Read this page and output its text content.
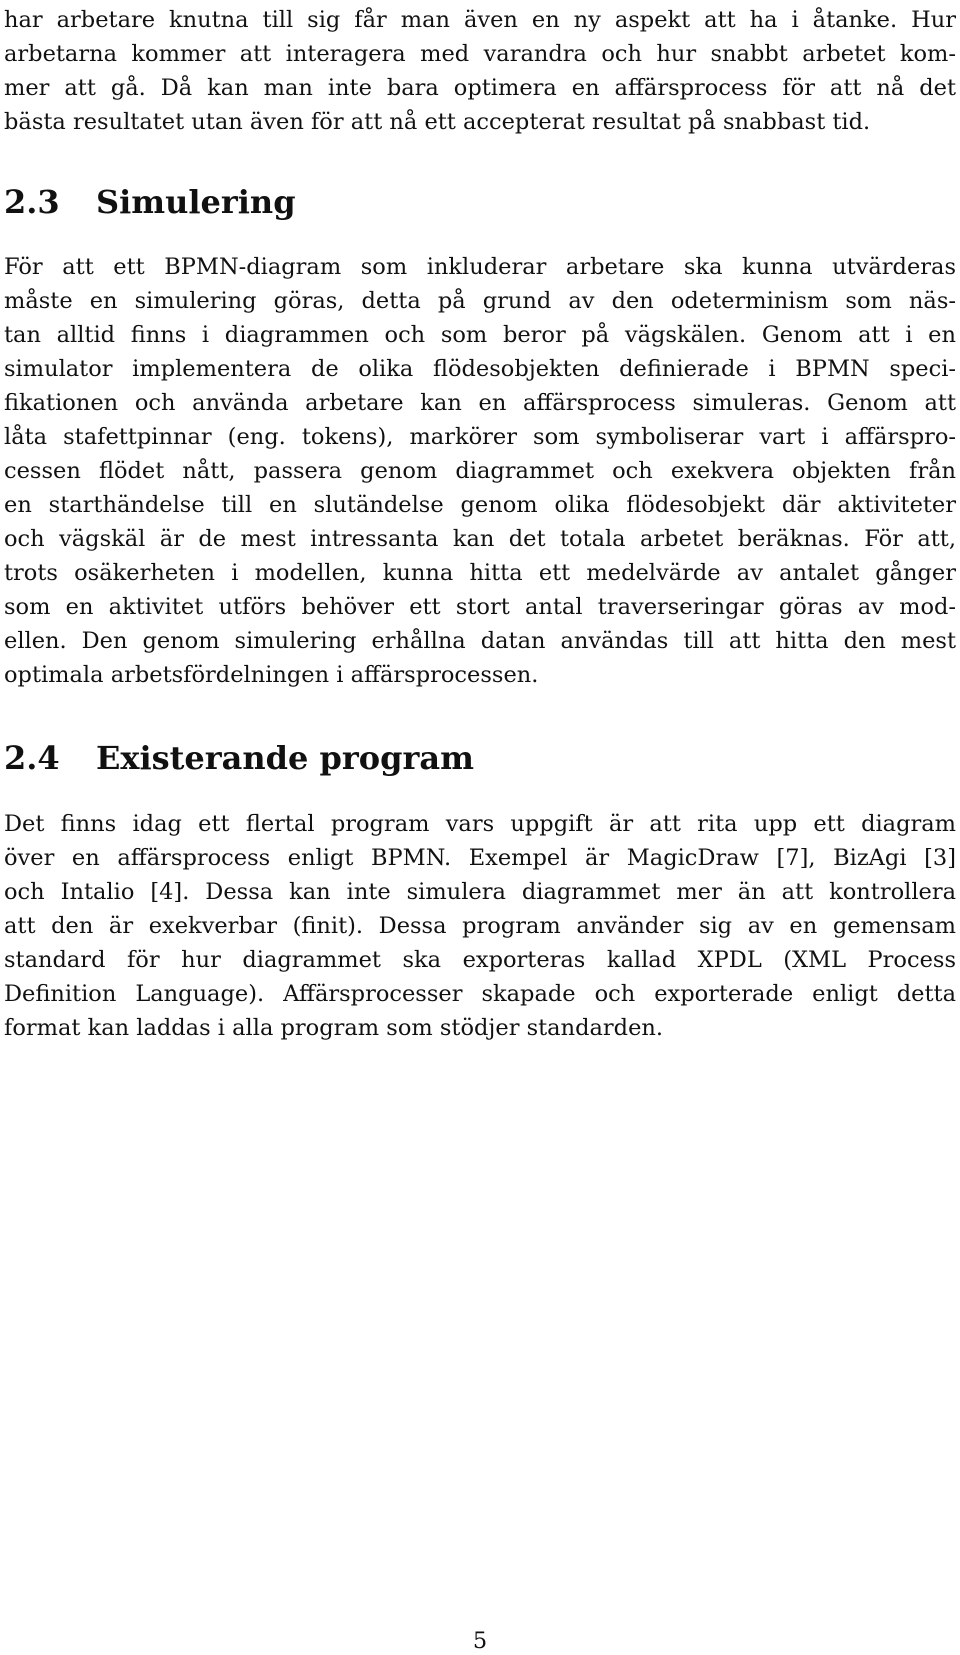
har arbetare knutna till sig får man även en ny aspekt att ha i åtanke. Hur
arbetarna kommer att interagera med varandra och hur snabbt arbetet kom-
mer att gå. Då kan man inte bara optimera en affärsprocess för att nå det
bästa resultatet utan även för att nå ett accepterat resultat på snabbast tid.
2.3 Simulering
För att ett BPMN-diagram som inkluderar arbetare ska kunna utvärderas
måste en simulering göras, detta på grund av den odeterminism som näs-
tan alltid finns i diagrammen och som beror på vägskälen. Genom att i en
simulator implementera de olika flödesobjekten definierade i BPMN speci-
fikationen och använda arbetare kan en affärsprocess simuleras. Genom att
låta stafettpinnar (eng. tokens), markörer som symboliserar vart i affärspro-
cessen flödet nått, passera genom diagrammet och exekvera objekten från
en starthändelse till en slutändelse genom olika flödesobjekt där aktiviteter
och vägskäl är de mest intressanta kan det totala arbetet beräknas. För att,
trots osäkerheten i modellen, kunna hitta ett medelvärde av antalet gånger
som en aktivitet utförs behöver ett stort antal traverseringar göras av mod-
ellen. Den genom simulering erhållna datan användas till att hitta den mest
optimala arbetsfördelningen i affärsprocessen.
2.4 Existerande program
Det finns idag ett flertal program vars uppgift är att rita upp ett diagram
över en affärsprocess enligt BPMN. Exempel är MagicDraw [7], BizAgi [3]
och Intalio [4]. Dessa kan inte simulera diagrammet mer än att kontrollera
att den är exekverbar (finit). Dessa program använder sig av en gemensam
standard för hur diagrammet ska exporteras kallad XPDL (XML Process
Definition Language). Affärsprocesser skapade och exporterade enligt detta
format kan laddas i alla program som stödjer standarden.
5
